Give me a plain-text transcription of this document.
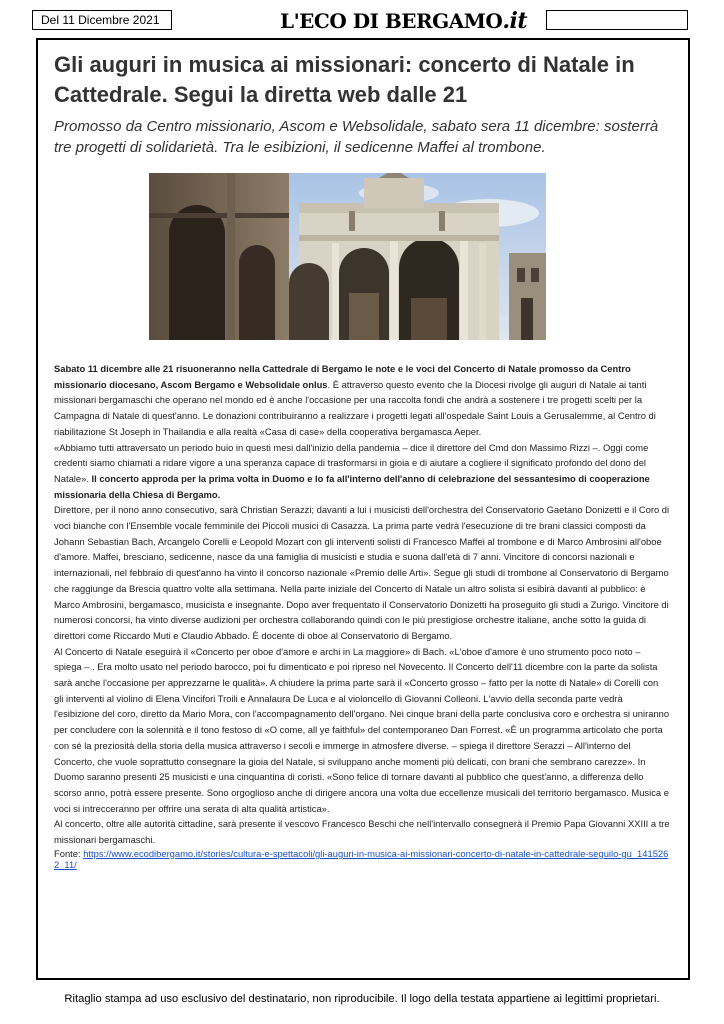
Del 11 Dicembre 2021	L'ECO DI BERGAMO.it
Gli auguri in musica ai missionari: concerto di Natale in Cattedrale. Segui la diretta web dalle 21

Promosso da Centro missionario, Ascom e Websolidale, sabato sera 11 dicembre: sosterrà tre progetti di solidarietà. Tra le esibizioni, il sedicenne Maffei al trombone.

Sabato 11 dicembre alle 21 risuoneranno nella Cattedrale di Bergamo le note e le voci del Concerto di Natale promosso da Centro missionario diocesano, Ascom Bergamo e Websolidale onlus. È attraverso questo evento che la Diocesi rivolge gli auguri di Natale ai tanti missionari bergamaschi che operano nel mondo ed è anche l'occasione per una raccolta fondi che andrà a sostenere i tre progetti scelti per la Campagna di Natale di quest'anno. Le donazioni contribuiranno a realizzare i progetti legati all'ospedale Saint Louis a Gerusalemme, al Centro di riabilitazione St Joseph in Thailandia e alla realtà «Casa di case» della cooperativa bergamasca Aeper.

«Abbiamo tutti attraversato un periodo buio in questi mesi dall'inizio della pandemia – dice il direttore del Cmd don Massimo Rizzi –. Oggi come credenti siamo chiamati a ridare vigore a una speranza capace di trasformarsi in gioia e di aiutare a cogliere il significato profondo del dono del Natale». Il concerto approda per la prima volta in Duomo e lo fa all'interno dell'anno di celebrazione del sessantesimo di cooperazione missionaria della Chiesa di Bergamo.

Direttore, per il nono anno consecutivo, sarà Christian Serazzi; davanti a lui i musicisti dell'orchestra del Conservatorio Gaetano Donizetti e il Coro di voci bianche con l'Ensemble vocale femminile dei Piccoli musici di Casazza. La prima parte vedrà l'esecuzione di tre brani classici composti da Johann Sebastian Bach, Arcangelo Corelli e Leopold Mozart con gli interventi solisti di Francesco Maffei al trombone e di Marco Ambrosini all'oboe d'amore. Maffei, bresciano, sedicenne, nasce da una famiglia di musicisti e studia e suona dall'età di 7 anni. Vincitore di concorsi nazionali e internazionali, nel febbraio di quest'anno ha vinto il concorso nazionale «Premio delle Arti». Segue gli studi di trombone al Conservatorio di Bergamo che raggiunge da Brescia quattro volte alla settimana. Nella parte iniziale del Concerto di Natale un altro solista si esibirà davanti al pubblico: è Marco Ambrosini, bergamasco, musicista e insegnante. Dopo aver frequentato il Conservatorio Donizetti ha proseguito gli studi a Zurigo. Vincitore di numerosi concorsi, ha vinto diverse audizioni per orchestra collaborando quindi con le più prestigiose orchestre italiane, anche sotto la guida di direttori come Riccardo Muti e Claudio Abbado. È docente di oboe al Conservatorio di Bergamo.

Al Concerto di Natale eseguirà il «Concerto per oboe d'amore e archi in La maggiore» di Bach. «L'oboe d'amore è uno strumento poco noto – spiega – . Era molto usato nel periodo barocco, poi fu dimenticato e poi ripreso nel Novecento. Il Concerto dell'11 dicembre con la parte da solista sarà anche l'occasione per apprezzarne le qualità». A chiudere la prima parte sarà il «Concerto grosso – fatto per la notte di Natale» di Corelli con gli interventi al violino di Elena Vincifori Troili e Annalaura De Luca e al violoncello di Giovanni Colleoni. L'avvio della seconda parte vedrà l'esibizione del coro, diretto da Mario Mora, con l'accompagnamento dell'organo. Nei cinque brani della parte conclusiva coro e orchestra si uniranno per concludere con la solennità e il tono festoso di «O come, all ye faithful» del contemporaneo Dan Forrest. «È un programma articolato che porta con sé la preziosità della storia della musica attraverso i secoli e immerge in atmosfere diverse. – spiega il direttore Serazzi – All'interno del Concerto, che vuole soprattutto consegnare la gioia del Natale, si sviluppano anche momenti più delicati, con brani che sembrano carezze». In Duomo saranno presenti 25 musicisti e una cinquantina di coristi. «Sono felice di tornare davanti al pubblico che quest'anno, a differenza dello scorso anno, potrà essere presente. Sono orgoglioso anche di dirigere ancora una volta due eccellenze musicali del territorio bergamasco. Musica e voci si intrecceranno per offrire una serata di alta qualità artistica».

Al concerto, oltre alle autorità cittadine, sarà presente il vescovo Francesco Beschi che nell'intervallo consegnerà il Premio Papa Giovanni XXIII a tre missionari bergamaschi.

Fonte: https://www.ecodibergamo.it/stories/cultura-e-spettacoli/gli-auguri-in-musica-ai-missionari-concerto-di-natale-in-cattedrale-seguilo-gu_1415262_11/

Ritaglio stampa ad uso esclusivo del destinatario, non riproducibile. Il logo della testata appartiene ai legittimi proprietari.
